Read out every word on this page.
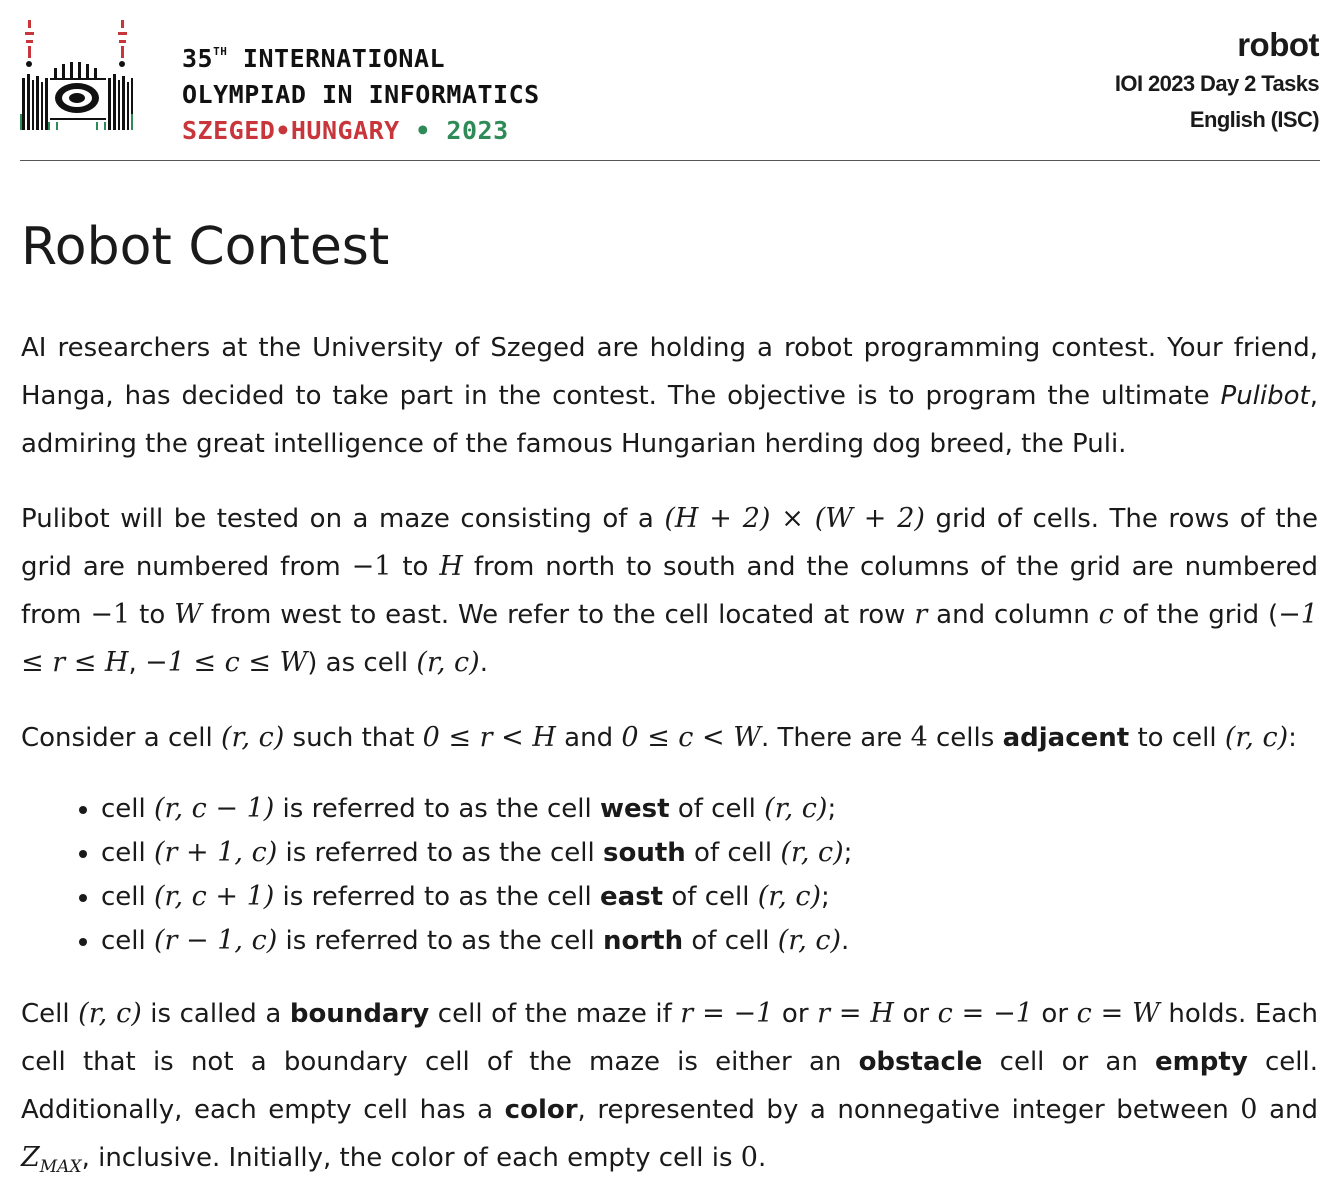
35TH INTERNATIONAL
OLYMPIAD IN INFORMATICS
SZEGED•HUNGARY • 2023
robot
IOI 2023 Day 2 Tasks
English (ISC)
Robot Contest

AI researchers at the University of Szeged are holding a robot programming contest. Your friend, Hanga, has decided to take part in the contest. The objective is to program the ultimate Pulibot, admiring the great intelligence of the famous Hungarian herding dog breed, the Puli.

Pulibot will be tested on a maze consisting of a (H + 2) × (W + 2) grid of cells. The rows of the grid are numbered from −1 to H from north to south and the columns of the grid are numbered from −1 to W from west to east. We refer to the cell located at row r and column c of the grid (−1 ≤ r ≤ H, −1 ≤ c ≤ W) as cell (r, c).

Consider a cell (r, c) such that 0 ≤ r < H and 0 ≤ c < W. There are 4 cells adjacent to cell (r, c):

• cell (r, c − 1) is referred to as the cell west of cell (r, c);
• cell (r + 1, c) is referred to as the cell south of cell (r, c);
• cell (r, c + 1) is referred to as the cell east of cell (r, c);
• cell (r − 1, c) is referred to as the cell north of cell (r, c).

Cell (r, c) is called a boundary cell of the maze if r = −1 or r = H or c = −1 or c = W holds. Each cell that is not a boundary cell of the maze is either an obstacle cell or an empty cell. Additionally, each empty cell has a color, represented by a nonnegative integer between 0 and $Z_{MAX}$, inclusive. Initially, the color of each empty cell is 0.
